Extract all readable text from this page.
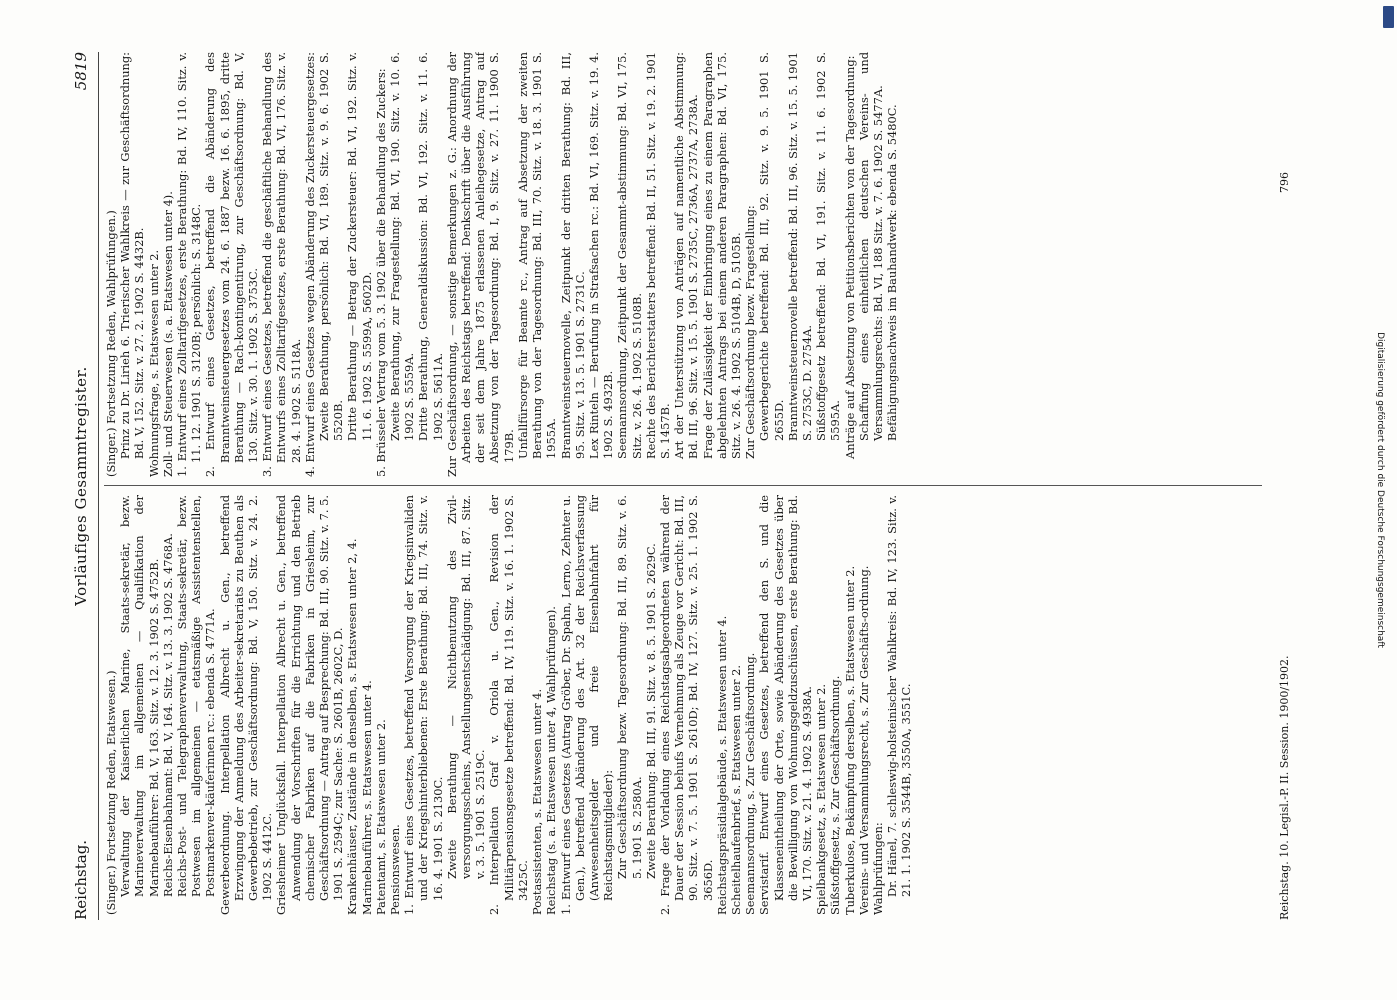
Reichstag.
Vorläufiges Gesammtregister.
5819

(Singer.) Fortsetzung Reden, Etatswesen.) Verwaltung der Kaiserlichen Marine, Staats-sekretär, bezw. Marineverwaltung im allgemeinen — Qualifikation der Marinebauführer: Bd. V, 163. Sitz. v. 12. 3. 1902 S. 4752B. Reichs-Eisenbahnamt: Bd. V, 164. Sitz. v. 13. 3. 1902 S. 4768A. Reichs-Post- und Telegraphenverwaltung, Staats-sekretär, bezw. Postwesen im allgemeinen — etatsmäßige Assistentenstellen, Postmarkenver-käuferinnen rc.: ebenda S. 4771A. Gewerbeordnung. Interpellation Albrecht u. Gen., betreffend Erzwingung der Anmeldung des Arbeiter-sekretariats zu Beuthen als Gewerbebetrieb, zur Geschäftsordnung: Bd. V, 150. Sitz. v. 24. 2. 1902 S. 4412C. Griesheimer Unglücksfall. Interpellation Albrecht u. Gen., betreffend Anwendung der Vorschriften für die Errichtung und den Betrieb chemischer Fabriken auf die Fabriken in Griesheim, zur Geschäftsordnung — Antrag auf Besprechung: Bd. III, 90. Sitz. v. 7. 5. 1901 S. 2594C; zur Sache: S. 2601B, 2602C, D. Krankenhäuser, Zustände in denselben, s. Etatswesen unter 2, 4. Marinebauführer, s. Etatswesen unter 4. Patentamt, s. Etatswesen unter 2. Pensionswesen. 1. Entwurf eines Gesetzes, betreffend Versorgung der Kriegsinvaliden und der Kriegshinterbliebenen: Erste Berathung: Bd. III, 74. Sitz. v. 16. 4. 1901 S. 2130C. Zweite Berathung — Nichtbenutzung des Zivil-versorgungsscheins, Anstellungsentschädigung: Bd. III, 87. Sitz. v. 3. 5. 1901 S. 2519C. 2. Interpellation Graf v. Oriola u. Gen., Revision der Militärpensionsgesetze betreffend: Bd. IV, 119. Sitz. v. 16. 1. 1902 S. 3425C. Postassistenten, s. Etatswesen unter 4. Reichstag (s. a. Etatswesen unter 4, Wahlprüfungen). 1. Entwurf eines Gesetzes (Antrag Gröber, Dr. Spahn, Lerno, Zehnter u. Gen.), betreffend Abänderung des Art. 32 der Reichsverfassung (Anwesenheitsgelder und freie Eisenbahnfahrt für Reichstagsmitglieder): Zur Geschäftsordnung bezw. Tagesordnung: Bd. III, 89. Sitz. v. 6. 5. 1901 S. 2580A. Zweite Berathung: Bd. III, 91. Sitz. v. 8. 5. 1901 S. 2629C. 2. Frage der Vorladung eines Reichstagsabgeordneten während der Dauer der Session behufs Vernehmung als Zeuge vor Gericht: Bd. III, 90. Sitz. v. 7. 5. 1901 S. 2610D; Bd. IV, 127. Sitz. v. 25. 1. 1902 S. 3656D. Reichstagspräsidialgebäude, s. Etatswesen unter 4. Scheitelhaufenbrief, s. Etatswesen unter 2. Seemannsordnung, s. Zur Geschäftsordnung. Servistarif. Entwurf eines Gesetzes, betreffend den S. und die Klasseneintheilung der Orte, sowie Abänderung des Gesetzes über die Bewilligung von Wohnungsgeldzuschüssen, erste Berathung: Bd. VI, 170. Sitz. v. 21. 4. 1902 S. 4938A. Spielbankgesetz, s. Etatswesen unter 2. Süßstoffgesetz, s. Zur Geschäftsordnung. Tuberkulose, Bekämpfung derselben, s. Etatswesen unter 2. Vereins- und Versammlungsrecht, s. Zur Geschäfts-ordnung. Wahlprüfungen: Dr. Hänel, 7. schleswig-holsteinischer Wahlkreis: Bd. IV, 123. Sitz. v. 21. 1. 1902 S. 3544B, 3550A, 3551C.

(Singer.) Fortsetzung Reden, Wahlprüfungen.) Prinz zu Dr. Lirieh 6. Trierischer Wahlkreis — zur Geschäftsordnung: Bd. V, 152. Sitz. v. 27. 2. 1902 S. 4432B. Wohnungsfrage, s. Etatswesen unter 2. Zoll- und Steuerwesen (s. a. Etatswesen unter 4). 1. Entwurf eines Zolltarifgesetzes, erste Berathung: Bd. IV, 110. Sitz. v. 11. 12. 1901 S. 3120B; persönlich: S. 3148C. 2. Entwurf eines Gesetzes, betreffend die Abänderung des Branntweinsteuergesetzes vom 24. 6. 1887 bezw. 16. 6. 1895, dritte Berathung — Rach-kontingentirung, zur Geschäftsordnung: Bd. V, 130. Sitz. v. 30. 1. 1902 S. 3753C. 3. Entwurf eines Gesetzes, betreffend die geschäftliche Behandlung des Entwurfs eines Zolltarifgesetzes, erste Berathung: Bd. VI, 176. Sitz. v. 28. 4. 1902 S. 5118A. 4. Entwurf eines Gesetzes wegen Abänderung des Zuckersteuergesetzes: Zweite Berathung, persönlich: Bd. VI, 189. Sitz. v. 9. 6. 1902 S. 5520B. Dritte Berathung — Betrag der Zuckersteuer: Bd. VI, 192. Sitz. v. 11. 6. 1902 S. 5599A, 5602D. 5. Brüsseler Vertrag vom 5. 3. 1902 über die Behandlung des Zuckers: Zweite Berathung, zur Fragestellung: Bd. VI, 190. Sitz. v. 10. 6. 1902 S. 5559A. Dritte Berathung, Generaldiskussion: Bd. VI, 192. Sitz. v. 11. 6. 1902 S. 5611A. Zur Geschäftsordnung, — sonstige Bemerkungen z. G.: Anordnung der Arbeiten des Reichstags betreffend: Denkschrift über die Ausführung der seit dem Jahre 1875 erlassenen Anleihegesetze, Antrag auf Absetzung von der Tagesordnung: Bd. I, 9. Sitz. v. 27. 11. 1900 S. 179B. Unfallfürsorge für Beamte rc., Antrag auf Absetzung der zweiten Berathung von der Tagesordnung: Bd. III, 70. Sitz. v. 18. 3. 1901 S. 1955A. Branntweinsteuernovelle, Zeitpunkt der dritten Berathung: Bd. III, 95. Sitz. v. 13. 5. 1901 S. 2731C. Lex Rinteln — Berufung in Strafsachen rc.: Bd. VI, 169. Sitz. v. 19. 4. 1902 S. 4932B. Seemannsordnung, Zeitpunkt der Gesammt-abstimmung: Bd. VI, 175. Sitz. v. 26. 4. 1902 S. 5108B. Rechte des Berichterstatters betreffend: Bd. II, 51. Sitz. v. 19. 2. 1901 S. 1457B. Art der Unterstützung von Anträgen auf namentliche Abstimmung: Bd. III, 96. Sitz. v. 15. 5. 1901 S. 2735C, 2736A, 2737A, 2738A. Frage der Zulässigkeit der Einbringung eines zu einem Paragraphen abgelehnten Antrags bei einem anderen Paragraphen: Bd. VI, 175. Sitz. v. 26. 4. 1902 S. 5104B, D, 5105B. Zur Geschäftsordnung bezw. Fragestellung: Gewerbegerichte betreffend: Bd. III, 92. Sitz. v. 9. 5. 1901 S. 2655D. Branntweinsteuernovelle betreffend: Bd. III, 96. Sitz. v. 15. 5. 1901 S. 2753C, D. 2754A. Süßstoffgesetz betreffend: Bd. VI, 191. Sitz. v. 11. 6. 1902 S. 5595A. Anträge auf Absetzung von Petitionsberichten von der Tagesordnung: Schaffung eines einheitlichen deutschen Vereins- und Versammlungsrechts: Bd. VI, 188 Sitz. v. 7. 6. 1902 S. 5477A. Befähigungsnachweis im Bauhandwerk: ebenda S. 5480C.

Reichstag. 10. Legisl.-P. II. Session. 1900/1902.
796
Digitalisierung gefördert durch die Deutsche Forschungsgemeinschaft
